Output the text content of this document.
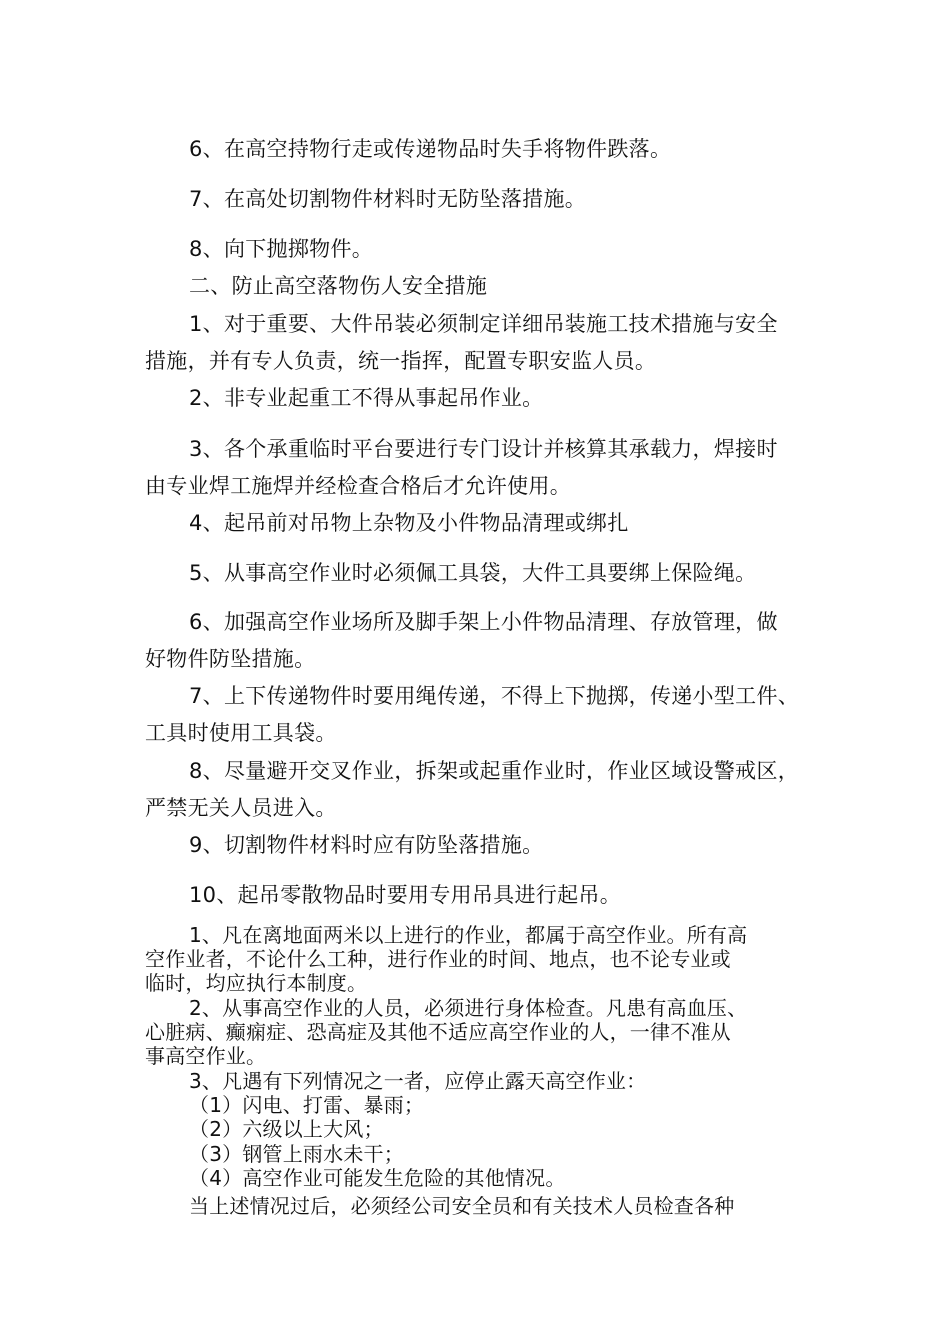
6、在高空持物行走或传递物品时失手将物件跌落。
7、在高处切割物件材料时无防坠落措施。
8、向下抛掷物件。
二、防止高空落物伤人安全措施
1、对于重要、大件吊装必须制定详细吊装施工技术措施与安全
措施，并有专人负责，统一指挥，配置专职安监人员。
2、非专业起重工不得从事起吊作业。
3、各个承重临时平台要进行专门设计并核算其承载力，焊接时
由专业焊工施焊并经检查合格后才允许使用。
4、起吊前对吊物上杂物及小件物品清理或绑扎
5、从事高空作业时必须佩工具袋，大件工具要绑上保险绳。
6、加强高空作业场所及脚手架上小件物品清理、存放管理，做
好物件防坠措施。
7、上下传递物件时要用绳传递，不得上下抛掷，传递小型工件、
工具时使用工具袋。
8、尽量避开交叉作业，拆架或起重作业时，作业区域设警戒区，
严禁无关人员进入。
9、切割物件材料时应有防坠落措施。
10、起吊零散物品时要用专用吊具进行起吊。
1、凡在离地面两米以上进行的作业，都属于高空作业。所有高
空作业者，不论什么工种，进行作业的时间、地点，也不论专业或
临时，均应执行本制度。
2、从事高空作业的人员，必须进行身体检查。凡患有高血压、
心脏病、癫痫症、恐高症及其他不适应高空作业的人，一律不准从
事高空作业。
3、凡遇有下列情况之一者，应停止露天高空作业：
（1）闪电、打雷、暴雨；
（2）六级以上大风；
（3）钢管上雨水未干；
（4）高空作业可能发生危险的其他情况。
当上述情况过后，必须经公司安全员和有关技术人员检查各种
